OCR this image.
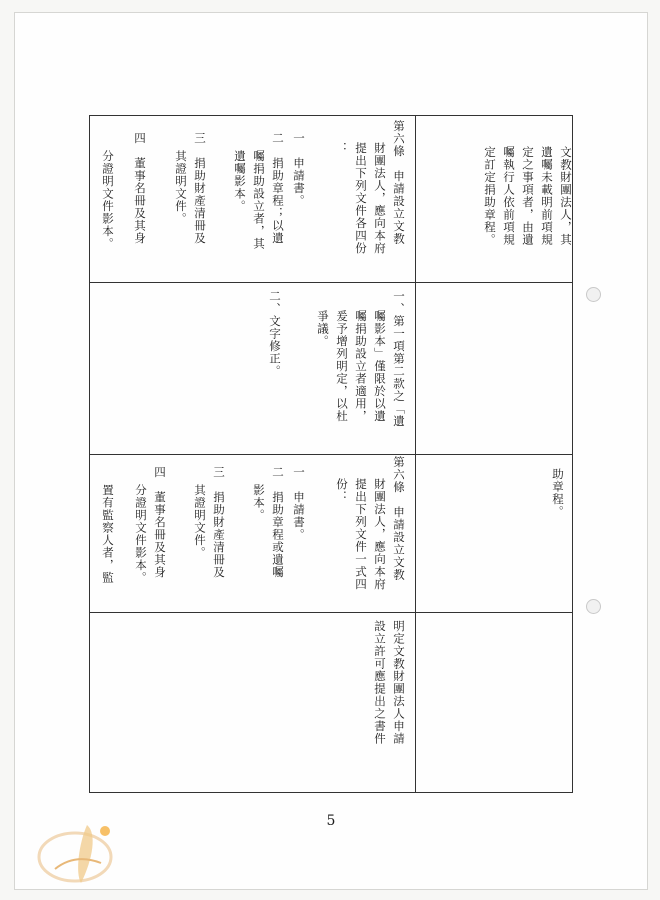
文教財團法人，其
遺囑未載明前項規
定之事項者，由遺
囑執行人依前項規
定訂定捐助章程。
第六條　申請設立文教
財團法人，應向本府
提出下列文件各四份
：
一　申請書。
二　捐助章程；以遺
囑捐助設立者，其
遺囑影本。
三　捐助財產清冊及
其證明文件。
四　董事名冊及其身
分證明文件影本。
一、第一項第二款之「遺
囑影本」僅限於以遺
囑捐助設立者適用，
爰予增列明定，以杜
爭議。
二、文字修正。
助章程。
第六條　申請設立文教
財團法人，應向本府
提出下列文件一式四
份：
一　申請書。
二　捐助章程或遺囑
影本。
三　捐助財產清冊及
其證明文件。
四　董事名冊及其身
分證明文件影本。
置有監察人者，監
明定文教財團法人申請
設立許可應提出之書件
5
